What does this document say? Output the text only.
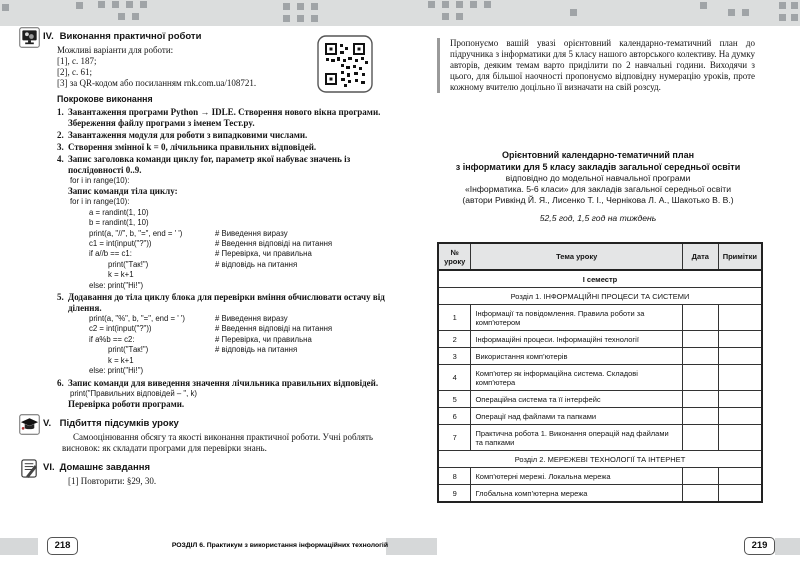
IV. Виконання практичної роботи
Можливі варіанти для роботи:
[1], с. 187;
[2], с. 61;
[3] за QR-кодом або посиланням rnk.com.ua/108721.
Покрокове виконання
1. Завантаження програми Python → IDLE. Створення нового вікна програми. Збереження файлу програми з іменем Тест.py.
2. Завантаження модуля для роботи з випадковими числами.
3. Створення змінної k = 0, лічильника правильних відповідей.
4. Запис заголовка команди циклу for, параметр якої набуває значень із послідовності 0..9.
for i in range(10):
Запис команди тіла циклу:
for i in range(10):
a = randint(1, 10)
b = randint(1, 10)
print(a, "//", b, "=", end = ' ')	# Виведення виразу
c1 = int(input("?"))	# Введення відповіді на питання
if a//b == c1:	# Перевірка, чи правильна
print("Так!")	# відповідь на питання
k = k+1
else: print("Ні!")
5. Додавання до тіла циклу блока для перевірки вміння обчислювати остачу від ділення.
print(a, "%", b, "=", end = ' ')	# Виведення виразу
c2 = int(input("?"))	# Введення відповіді на питання
if a%b == c2:	# Перевірка, чи правильна
print("Так!")	# відповідь на питання
k = k+1
else: print("Ні!")
6. Запис команди для виведення значення лічильника правильних відповідей.
print("Правильних відповідей – ", k)
Перевірка роботи програми.
V. Підбиття підсумків уроку
Самооцінювання обсягу та якості виконання практичної роботи. Учні роблять висновок: як складати програми для перевірки знань.
VI. Домашнє завдання
[1] Повторити: §29, 30.
Пропонуємо вашій увазі орієнтовний календарно-тематичний план до підручника з інформатики для 5 класу нашого авторського колективу. На думку авторів, деяким темам варто приділити по 2 навчальні години. Виходячи з цього, для більшої наочності пропонуємо відповідну нумерацію уроків, проте кожному вчителю доцільно її визначати на свій розсуд.
Орієнтовний календарно-тематичний план
з інформатики для 5 класу закладів загальної середньої освіти
відповідно до модельної навчальної програми
«Інформатика. 5-6 класи» для закладів загальної середньої освіти
(автори Ривкінд Й. Я., Лисенко Т. І., Чернікова Л. А., Шакотько В. В.)
52,5 год, 1,5 год на тиждень
№ уроку	Тема уроку	Дата	Примітки
І семестр			
Розділ 1. ІНФОРМАЦІЙНІ ПРОЦЕСИ ТА СИСТЕМИ			
1	Інформації та повідомлення. Правила роботи за комп’ютером		
2	Інформаційні процеси. Інформаційні технології		
3	Використання комп’ютерів		
4	Комп’ютер як інформаційна система. Складові комп’ютера		
5	Операційна система та її інтерфейс		
6	Операції над файлами та папками		
7	Практична робота 1. Виконання операцій над файлами та папками		
Розділ 2. МЕРЕЖЕВІ ТЕХНОЛОГІЇ ТА ІНТЕРНЕТ			
8	Комп’ютерні мережі. Локальна мережа		
9	Глобальна комп’ютерна мережа		
218	РОЗДІЛ 6. Практикум з використання інформаційних технологій	219
